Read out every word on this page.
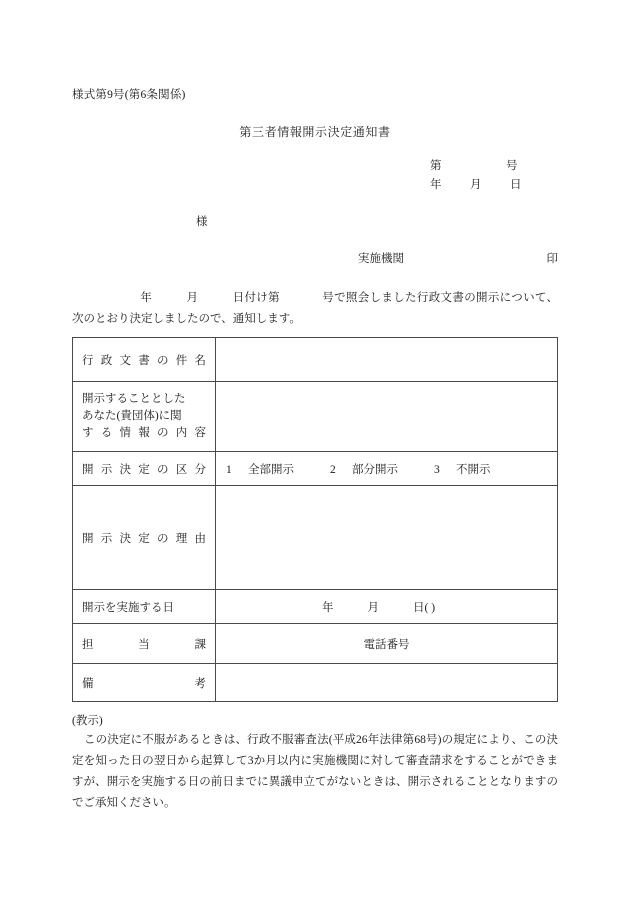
様式第9号(第6条関係)
第三者情報開示決定通知書
第	号
年	月	日
様
実施機関	印
年	月	日付け第	号で照会しました行政文書の開示について、次のとおり決定しましたので、通知します。
行 政 文 書 の 件 名

開示することとした
あなた(貴団体)に関
す る 情 報 の 内 容

開 示 決 定 の 区 分	1 全部開示	2 部分開示	3 不開示

開 示 決 定 の 理 由

開示を実施する日	年 月 日( )

担 当 課	電話番号

備 考	

(教示)
この決定に不服があるときは、行政不服審査法(平成26年法律第68号)の規定により、この決定を知った日の翌日から起算して3か月以内に実施機関に対して審査請求をすることができますが、開示を実施する日の前日までに異議申立てがないときは、開示されることとなりますのでご承知ください。
